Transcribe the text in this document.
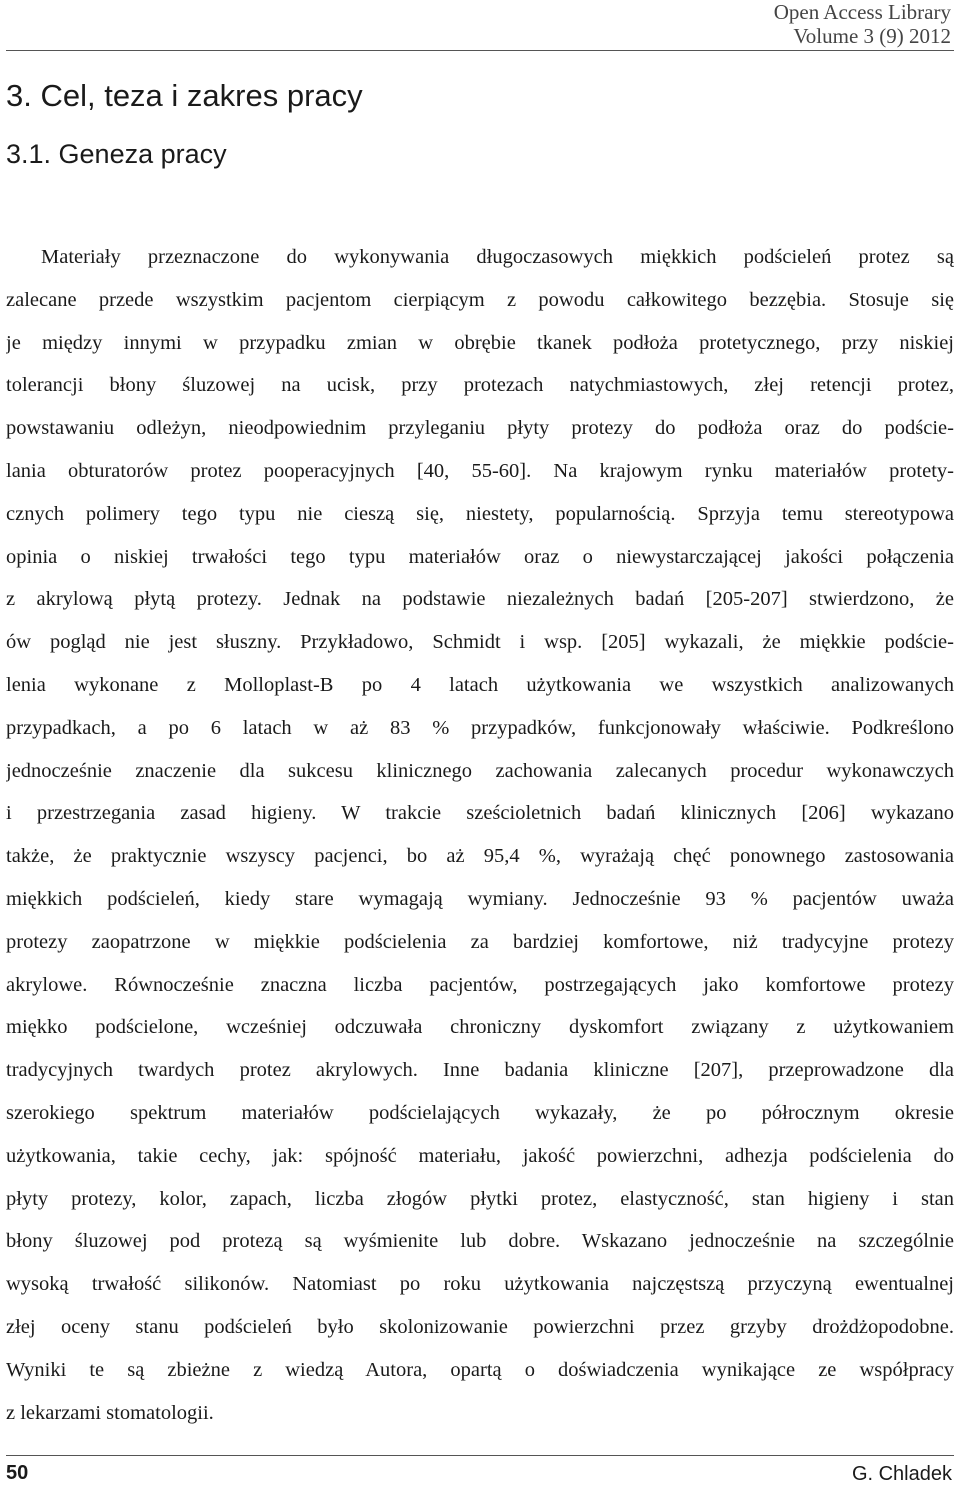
Open Access Library
Volume 3 (9) 2012
3. Cel, teza i zakres pracy
3.1. Geneza pracy
Materiały przeznaczone do wykonywania długoczasowych miękkich podścieleń protez są
zalecane przede wszystkim pacjentom cierpiącym z powodu całkowitego bezzębia. Stosuje się
je między innymi w przypadku zmian w obrębie tkanek podłoża protetycznego, przy niskiej
tolerancji błony śluzowej na ucisk, przy protezach natychmiastowych, złej retencji protez,
powstawaniu odleżyn, nieodpowiednim przyleganiu płyty protezy do podłoża oraz do podście-
lania obturatorów protez pooperacyjnych [40, 55-60]. Na krajowym rynku materiałów protety-
cznych polimery tego typu nie cieszą się, niestety, popularnością. Sprzyja temu stereotypowa
opinia o niskiej trwałości tego typu materiałów oraz o niewystarczającej jakości połączenia
z akrylową płytą protezy. Jednak na podstawie niezależnych badań [205-207] stwierdzono, że
ów pogląd nie jest słuszny. Przykładowo, Schmidt i wsp. [205] wykazali, że miękkie podście-
lenia wykonane z Molloplast-B po 4 latach użytkowania we wszystkich analizowanych
przypadkach, a po 6 latach w aż 83 % przypadków, funkcjonowały właściwie. Podkreślono
jednocześnie znaczenie dla sukcesu klinicznego zachowania zalecanych procedur wykonawczych
i przestrzegania zasad higieny. W trakcie sześcioletnich badań klinicznych [206] wykazano
także, że praktycznie wszyscy pacjenci, bo aż 95,4 %, wyrażają chęć ponownego zastosowania
miękkich podścieleń, kiedy stare wymagają wymiany. Jednocześnie 93 % pacjentów uważa
protezy zaopatrzone w miękkie podścielenia za bardziej komfortowe, niż tradycyjne protezy
akrylowe. Równocześnie znaczna liczba pacjentów, postrzegających jako komfortowe protezy
miękko podścielone, wcześniej odczuwała chroniczny dyskomfort związany z użytkowaniem
tradycyjnych twardych protez akrylowych. Inne badania kliniczne [207], przeprowadzone dla
szerokiego spektrum materiałów podścielających wykazały, że po półrocznym okresie
użytkowania, takie cechy, jak: spójność materiału, jakość powierzchni, adhezja podścielenia do
płyty protezy, kolor, zapach, liczba złogów płytki protez, elastyczność, stan higieny i stan
błony śluzowej pod protezą są wyśmienite lub dobre. Wskazano jednocześnie na szczególnie
wysoką trwałość silikonów. Natomiast po roku użytkowania najczęstszą przyczyną ewentualnej
złej oceny stanu podścieleń było skolonizowanie powierzchni przez grzyby drożdżopodobne.
Wyniki te są zbieżne z wiedzą Autora, opartą o doświadczenia wynikające ze współpracy
z lekarzami stomatologii.
50	G. Chladek
